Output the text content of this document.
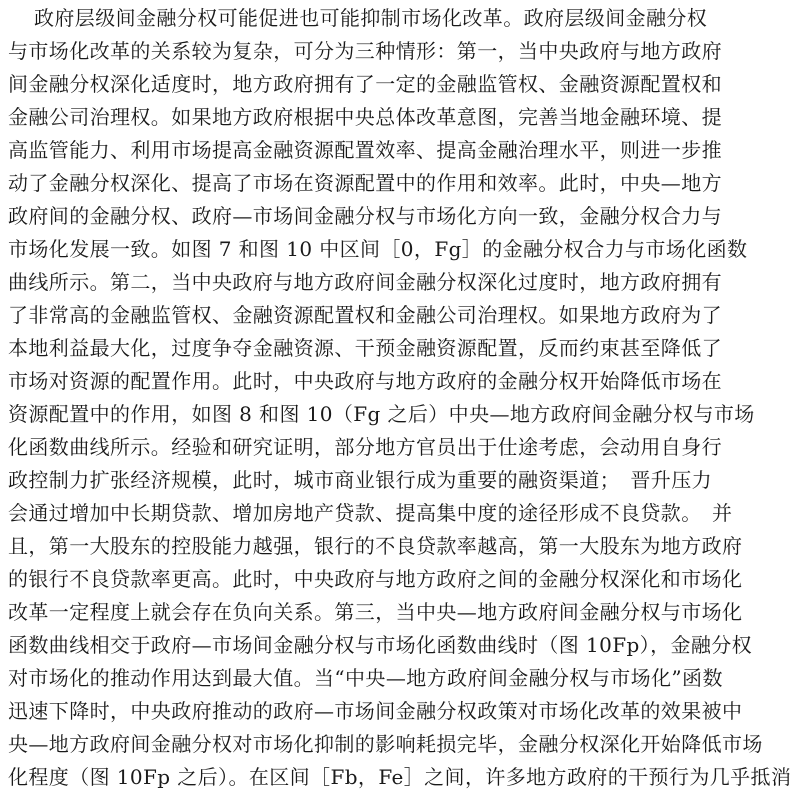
政府层级间金融分权可能促进也可能抑制市场化改革。政府层级间金融分权
与市场化改革的关系较为复杂，可分为三种情形：第一，当中央政府与地方政府
间金融分权深化适度时，地方政府拥有了一定的金融监管权、金融资源配置权和
金融公司治理权。如果地方政府根据中央总体改革意图，完善当地金融环境、提
高监管能力、利用市场提高金融资源配置效率、提高金融治理水平，则进一步推
动了金融分权深化、提高了市场在资源配置中的作用和效率。此时，中央—地方
政府间的金融分权、政府—市场间金融分权与市场化方向一致，金融分权合力与
市场化发展一致。如图 7 和图 10 中区间［0，Fg］的金融分权合力与市场化函数
曲线所示。第二，当中央政府与地方政府间金融分权深化过度时，地方政府拥有
了非常高的金融监管权、金融资源配置权和金融公司治理权。如果地方政府为了
本地利益最大化，过度争夺金融资源、干预金融资源配置，反而约束甚至降低了
市场对资源的配置作用。此时，中央政府与地方政府的金融分权开始降低市场在
资源配置中的作用，如图 8 和图 10（Fg 之后）中央—地方政府间金融分权与市场
化函数曲线所示。经验和研究证明，部分地方官员出于仕途考虑，会动用自身行
政控制力扩张经济规模，此时，城市商业银行成为重要的融资渠道；　晋升压力
会通过增加中长期贷款、增加房地产贷款、提高集中度的途径形成不良贷款。　并
且，第一大股东的控股能力越强，银行的不良贷款率越高，第一大股东为地方政府
的银行不良贷款率更高。此时，中央政府与地方政府之间的金融分权深化和市场化
改革一定程度上就会存在负向关系。第三，当中央—地方政府间金融分权与市场化
函数曲线相交于政府—市场间金融分权与市场化函数曲线时（图 10Fp），金融分权
对市场化的推动作用达到最大值。当“中央—地方政府间金融分权与市场化”函数
迅速下降时，中央政府推动的政府—市场间金融分权政策对市场化改革的效果被中
央—地方政府间金融分权对市场化抑制的影响耗损完毕，金融分权深化开始降低市场
化程度（图 10Fp 之后）。在区间［Fb，Fe］之间，许多地方政府的干预行为几乎抵消
